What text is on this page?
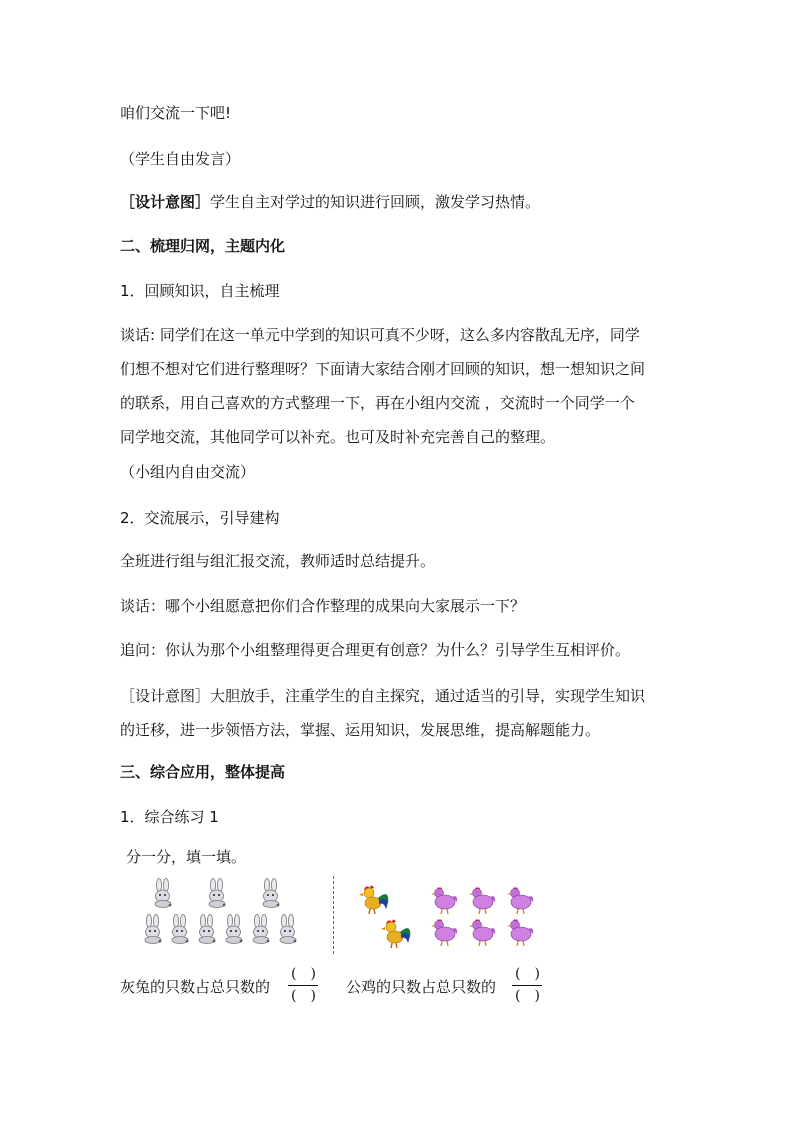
咱们交流一下吧!
（学生自由发言）
［设计意图］学生自主对学过的知识进行回顾，激发学习热情。
二、梳理归网，主题内化
1．回顾知识，自主梳理
谈话: 同学们在这一单元中学到的知识可真不少呀，这么多内容散乱无序，同学
们想不想对它们进行整理呀？下面请大家结合刚才回顾的知识，想一想知识之间
的联系，用自己喜欢的方式整理一下，再在小组内交流 ，交流时一个同学一个
同学地交流，其他同学可以补充。也可及时补充完善自己的整理。
（小组内自由交流）
2．交流展示，引导建构
全班进行组与组汇报交流，教师适时总结提升。
谈话：哪个小组愿意把你们合作整理的成果向大家展示一下？
追问：你认为那个小组整理得更合理更有创意？为什么？引导学生互相评价。
［设计意图］大胆放手，注重学生的自主探究，通过适当的引导，实现学生知识
的迁移，进一步领悟方法，掌握、运用知识，发展思维，提高解题能力。
三、综合应用，整体提高
1．综合练习 1
分一分，填一填。
灰兔的只数占总只数的
(　)
(　) 公鸡的只数占总只数的
(　)
(　)
